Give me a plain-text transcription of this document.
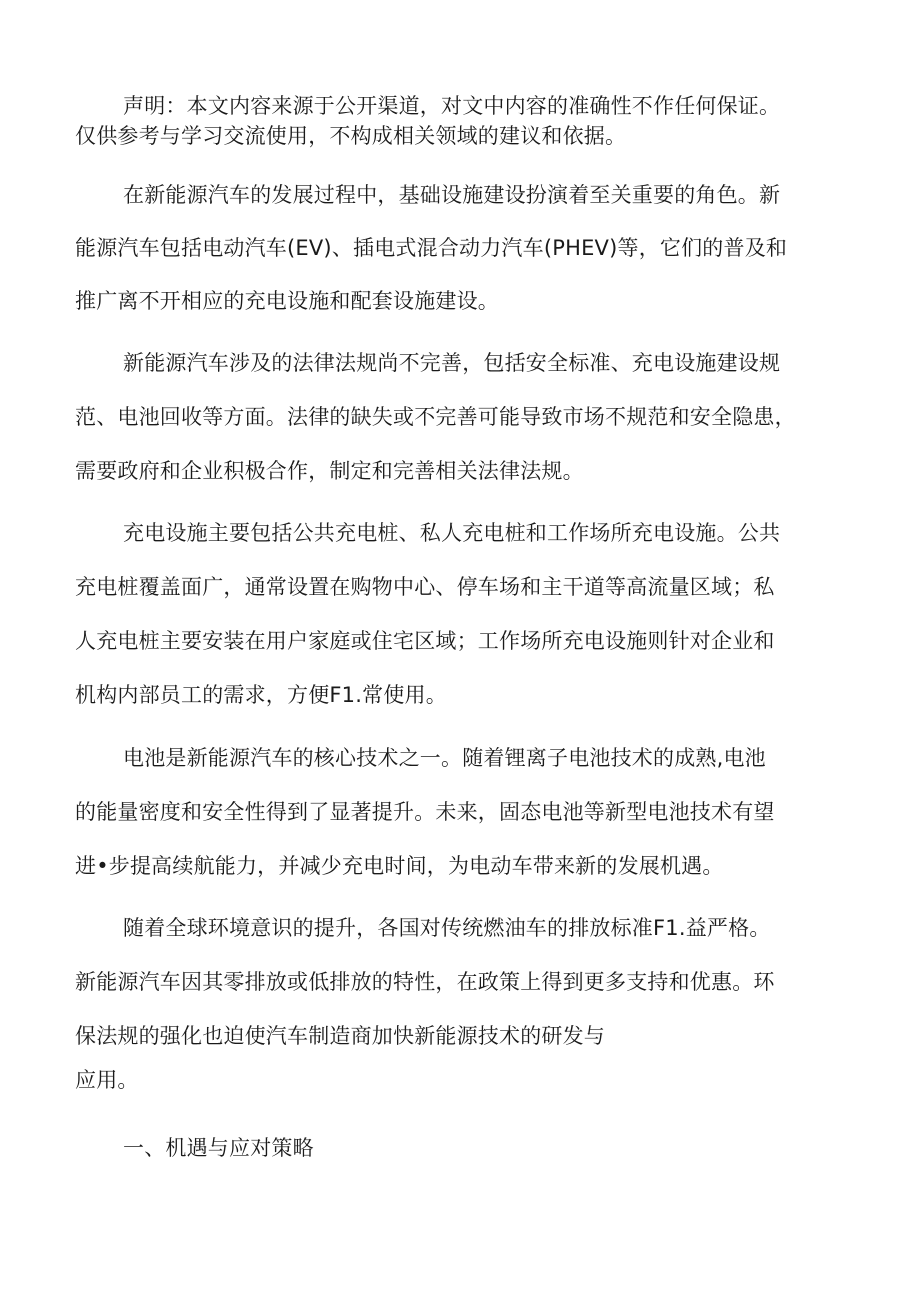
声明：本文内容来源于公开渠道，对文中内容的准确性不作任何保证。
仅供参考与学习交流使用，不构成相关领域的建议和依据。
在新能源汽车的发展过程中，基础设施建设扮演着至关重要的角色。新
能源汽车包括电动汽车(EV)、插电式混合动力汽车(PHEV)等，它们的普及和
推广离不开相应的充电设施和配套设施建设。
新能源汽车涉及的法律法规尚不完善，包括安全标准、充电设施建设规
范、电池回收等方面。法律的缺失或不完善可能导致市场不规范和安全隐患，
需要政府和企业积极合作，制定和完善相关法律法规。
充电设施主要包括公共充电桩、私人充电桩和工作场所充电设施。公共
充电桩覆盖面广，通常设置在购物中心、停车场和主干道等高流量区域；私
人充电桩主要安装在用户家庭或住宅区域；工作场所充电设施则针对企业和
机构内部员工的需求，方便F1.常使用。
电池是新能源汽车的核心技术之一。随着锂离子电池技术的成熟,电池
的能量密度和安全性得到了显著提升。未来，固态电池等新型电池技术有望
进•步提高续航能力，并减少充电时间，为电动车带来新的发展机遇。
随着全球环境意识的提升，各国对传统燃油车的排放标准F1.益严格。
新能源汽车因其零排放或低排放的特性，在政策上得到更多支持和优惠。环
保法规的强化也迫使汽车制造商加快新能源技术的研发与
应用。
一、机遇与应对策略
